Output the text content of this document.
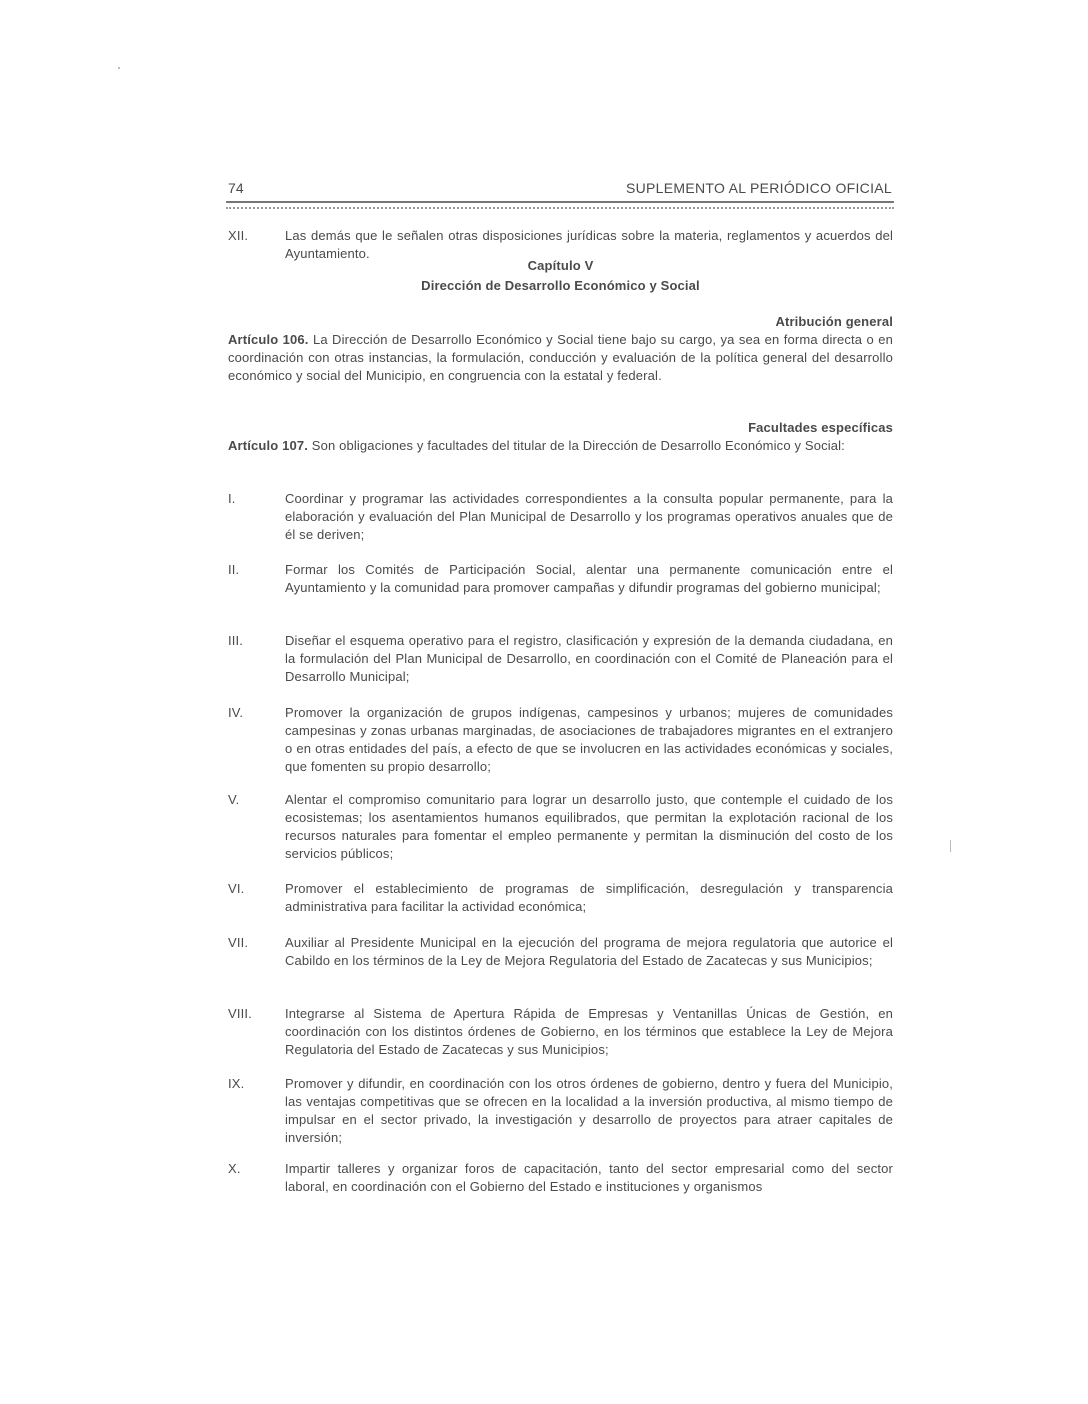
74	SUPLEMENTO AL PERIÓDICO OFICIAL
XII.	Las demás que le señalen otras disposiciones jurídicas sobre la materia, reglamentos y acuerdos del Ayuntamiento.
Capítulo V
Dirección de Desarrollo Económico y Social
Atribución general
Artículo 106. La Dirección de Desarrollo Económico y Social tiene bajo su cargo, ya sea en forma directa o en coordinación con otras instancias, la formulación, conducción y evaluación de la política general del desarrollo económico y social del Municipio, en congruencia con la estatal y federal.
Facultades específicas
Artículo 107. Son obligaciones y facultades del titular de la Dirección de Desarrollo Económico y Social:
I.	Coordinar y programar las actividades correspondientes a la consulta popular permanente, para la elaboración y evaluación del Plan Municipal de Desarrollo y los programas operativos anuales que de él se deriven;
II.	Formar los Comités de Participación Social, alentar una permanente comunicación entre el Ayuntamiento y la comunidad para promover campañas y difundir programas del gobierno municipal;
III.	Diseñar el esquema operativo para el registro, clasificación y expresión de la demanda ciudadana, en la formulación del Plan Municipal de Desarrollo, en coordinación con el Comité de Planeación para el Desarrollo Municipal;
IV.	Promover la organización de grupos indígenas, campesinos y urbanos; mujeres de comunidades campesinas y zonas urbanas marginadas, de asociaciones de trabajadores migrantes en el extranjero o en otras entidades del país, a efecto de que se involucren en las actividades económicas y sociales, que fomenten su propio desarrollo;
V.	Alentar el compromiso comunitario para lograr un desarrollo justo, que contemple el cuidado de los ecosistemas; los asentamientos humanos equilibrados, que permitan la explotación racional de los recursos naturales para fomentar el empleo permanente y permitan la disminución del costo de los servicios públicos;
VI.	Promover el establecimiento de programas de simplificación, desregulación y transparencia administrativa para facilitar la actividad económica;
VII.	Auxiliar al Presidente Municipal en la ejecución del programa de mejora regulatoria que autorice el Cabildo en los términos de la Ley de Mejora Regulatoria del Estado de Zacatecas y sus Municipios;
VIII.	Integrarse al Sistema de Apertura Rápida de Empresas y Ventanillas Únicas de Gestión, en coordinación con los distintos órdenes de Gobierno, en los términos que establece la Ley de Mejora Regulatoria del Estado de Zacatecas y sus Municipios;
IX.	Promover y difundir, en coordinación con los otros órdenes de gobierno, dentro y fuera del Municipio, las ventajas competitivas que se ofrecen en la localidad a la inversión productiva, al mismo tiempo de impulsar en el sector privado, la investigación y desarrollo de proyectos para atraer capitales de inversión;
X.	Impartir talleres y organizar foros de capacitación, tanto del sector empresarial como del sector laboral, en coordinación con el Gobierno del Estado e instituciones y organismos
